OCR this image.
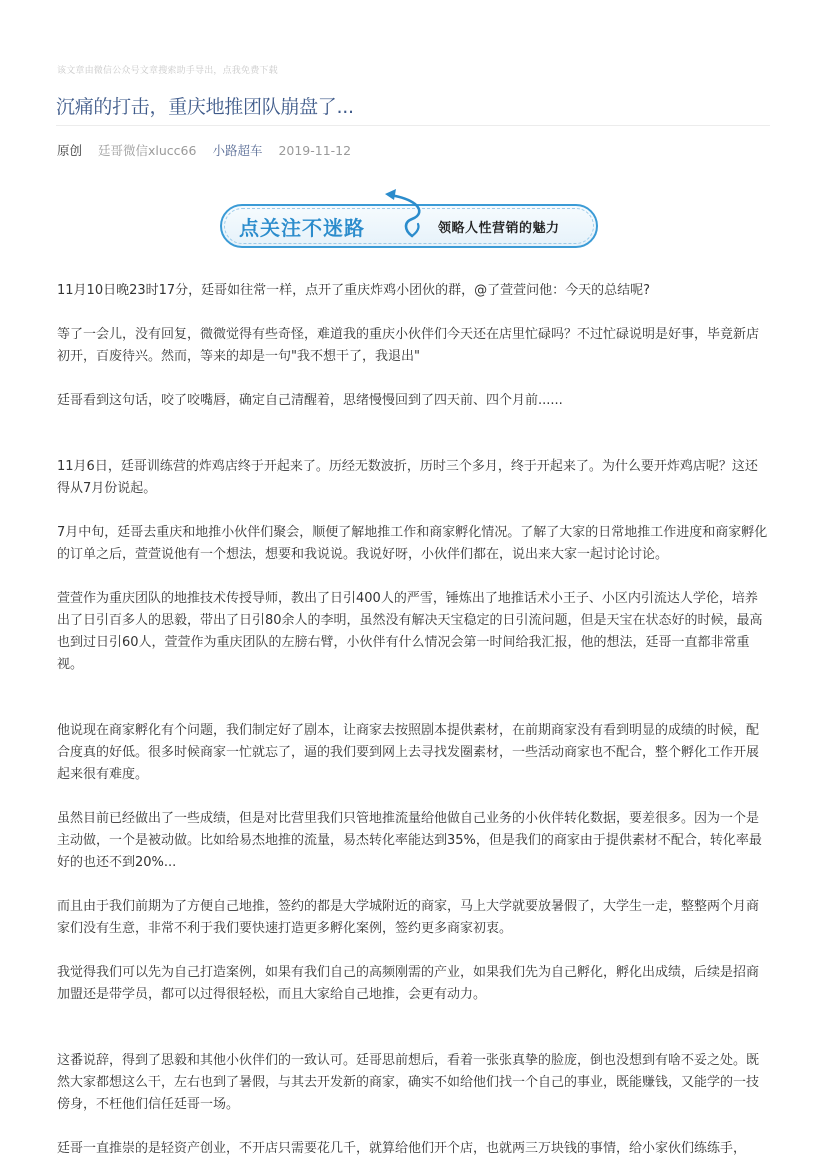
该文章由微信公众号文章搜索助手导出，点我免费下载
沉痛的打击，重庆地推团队崩盘了...
原创 廷哥微信xlucc66 小路超车 2019-11-12
点关注不迷路	领略人性营销的魅力

11月10日晚23时17分，廷哥如往常一样，点开了重庆炸鸡小团伙的群，@了萱萱问他：今天的总结呢?

等了一会儿，没有回复，微微觉得有些奇怪，难道我的重庆小伙伴们今天还在店里忙碌吗？不过忙碌说明是好事，毕竟新店初开，百废待兴。然而，等来的却是一句"我不想干了，我退出"

廷哥看到这句话，咬了咬嘴唇，确定自己清醒着，思绪慢慢回到了四天前、四个月前......

11月6日，廷哥训练营的炸鸡店终于开起来了。历经无数波折，历时三个多月，终于开起来了。为什么要开炸鸡店呢？这还得从7月份说起。

7月中旬，廷哥去重庆和地推小伙伴们聚会，顺便了解地推工作和商家孵化情况。了解了大家的日常地推工作进度和商家孵化的订单之后，萱萱说他有一个想法，想要和我说说。我说好呀，小伙伴们都在，说出来大家一起讨论讨论。

萱萱作为重庆团队的地推技术传授导师，教出了日引400人的严雪，锤炼出了地推话术小王子、小区内引流达人学伦，培养出了日引百多人的思毅，带出了日引80余人的李明，虽然没有解决天宝稳定的日引流问题，但是天宝在状态好的时候，最高也到过日引60人，萱萱作为重庆团队的左膀右臂，小伙伴有什么情况会第一时间给我汇报，他的想法，廷哥一直都非常重视。

他说现在商家孵化有个问题，我们制定好了剧本，让商家去按照剧本提供素材，在前期商家没有看到明显的成绩的时候，配合度真的好低。很多时候商家一忙就忘了，逼的我们要到网上去寻找发圈素材，一些活动商家也不配合，整个孵化工作开展起来很有难度。

虽然目前已经做出了一些成绩，但是对比营里我们只管地推流量给他做自己业务的小伙伴转化数据，要差很多。因为一个是主动做，一个是被动做。比如给易杰地推的流量，易杰转化率能达到35%，但是我们的商家由于提供素材不配合，转化率最好的也还不到20%...

而且由于我们前期为了方便自己地推，签约的都是大学城附近的商家，马上大学就要放暑假了，大学生一走，整整两个月商家们没有生意，非常不利于我们要快速打造更多孵化案例，签约更多商家初衷。

我觉得我们可以先为自己打造案例，如果有我们自己的高频刚需的产业，如果我们先为自己孵化，孵化出成绩，后续是招商加盟还是带学员，都可以过得很轻松，而且大家给自己地推，会更有动力。

这番说辞，得到了思毅和其他小伙伴们的一致认可。廷哥思前想后，看着一张张真挚的脸庞，倒也没想到有啥不妥之处。既然大家都想这么干，左右也到了暑假，与其去开发新的商家，确实不如给他们找一个自己的事业，既能赚钱，又能学的一技傍身，不枉他们信任廷哥一场。

廷哥一直推崇的是轻资产创业，不开店只需要花几千，就算给他们开个店，也就两三万块钱的事情，给小家伙们练练手，
